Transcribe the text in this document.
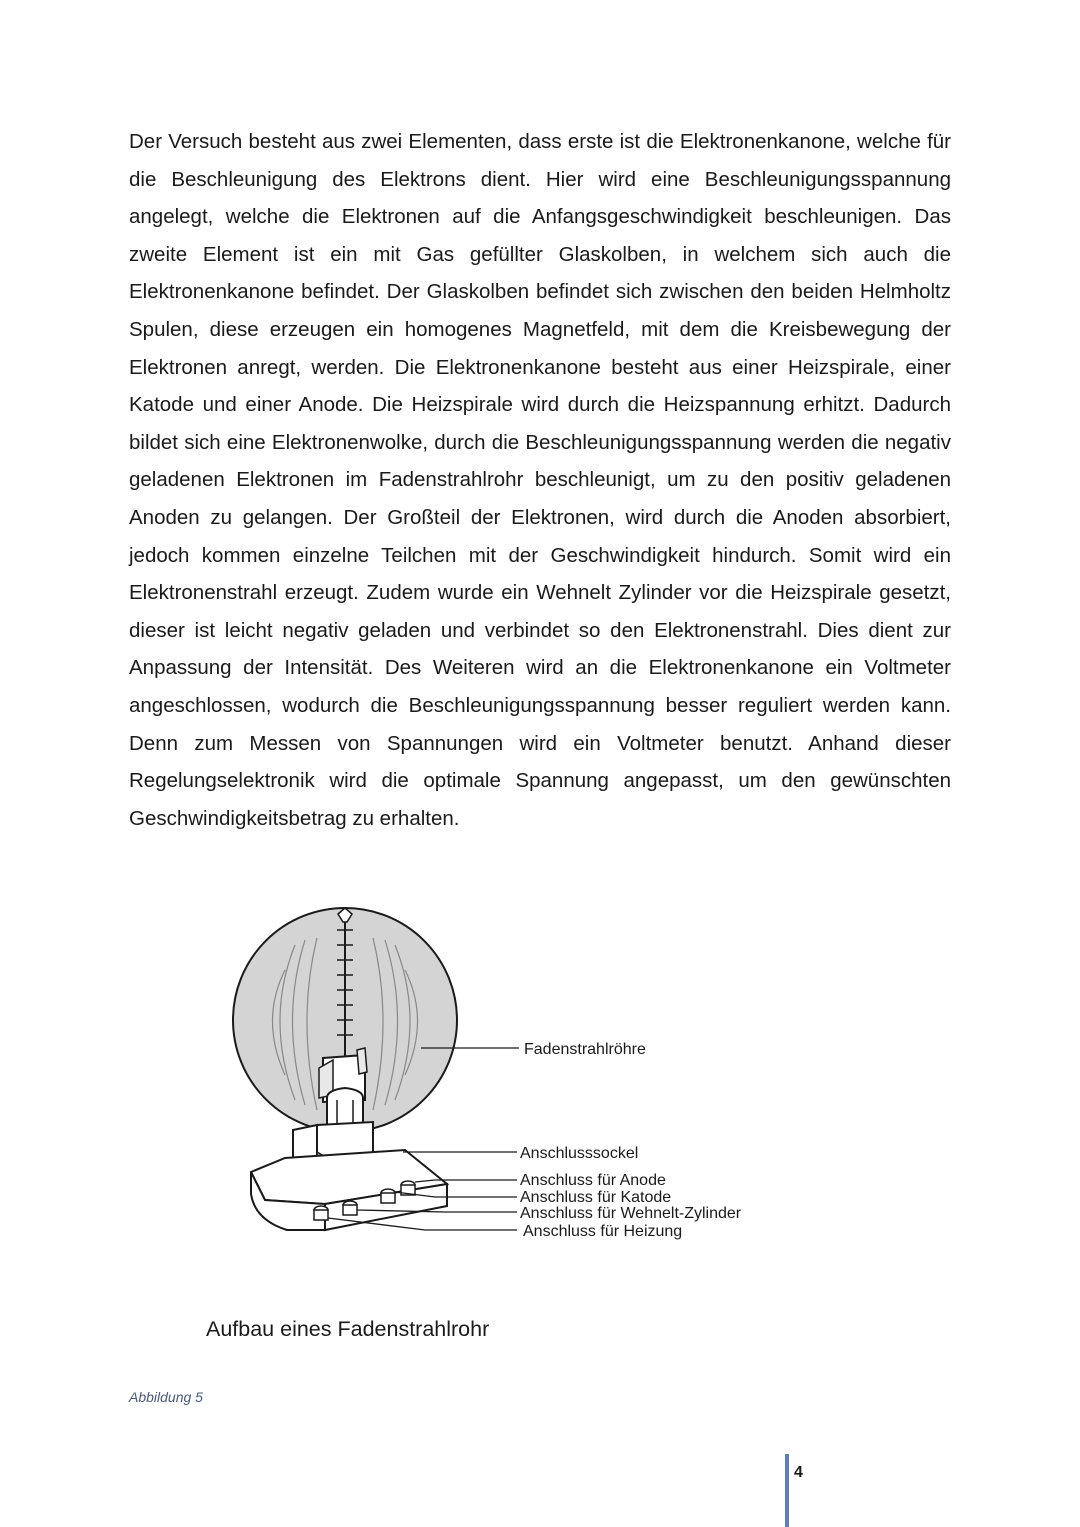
Der Versuch besteht aus zwei Elementen, dass erste ist die Elektronenkanone, welche für die Beschleunigung des Elektrons dient. Hier wird eine Beschleunigungsspannung angelegt, welche die Elektronen auf die Anfangsgeschwindigkeit beschleunigen. Das zweite Element ist ein mit Gas gefüllter Glaskolben, in welchem sich auch die Elektronenkanone befindet. Der Glaskolben befindet sich zwischen den beiden Helmholtz Spulen, diese erzeugen ein homogenes Magnetfeld, mit dem die Kreisbewegung der Elektronen anregt, werden. Die Elektronenkanone besteht aus einer Heizspirale, einer Katode und einer Anode. Die Heizspirale wird durch die Heizspannung erhitzt. Dadurch bildet sich eine Elektronenwolke, durch die Beschleunigungsspannung werden die negativ geladenen Elektronen im Fadenstrahlrohr beschleunigt, um zu den positiv geladenen Anoden zu gelangen. Der Großteil der Elektronen, wird durch die Anoden absorbiert, jedoch kommen einzelne Teilchen mit der Geschwindigkeit hindurch. Somit wird ein Elektronenstrahl erzeugt. Zudem wurde ein Wehnelt Zylinder vor die Heizspirale gesetzt, dieser ist leicht negativ geladen und verbindet so den Elektronenstrahl. Dies dient zur Anpassung der Intensität. Des Weiteren wird an die Elektronenkanone ein Voltmeter angeschlossen, wodurch die Beschleunigungsspannung besser reguliert werden kann. Denn zum Messen von Spannungen wird ein Voltmeter benutzt. Anhand dieser Regelungselektronik wird die optimale Spannung angepasst, um den gewünschten Geschwindigkeitsbetrag zu erhalten.

Fadenstrahlröhre
Anschlusssockel
Anschluss für Anode
Anschluss für Katode
Anschluss für Wehnelt-Zylinder
Anschluss für Heizung

Aufbau eines Fadenstrahlrohr

Abbildung 5

4
